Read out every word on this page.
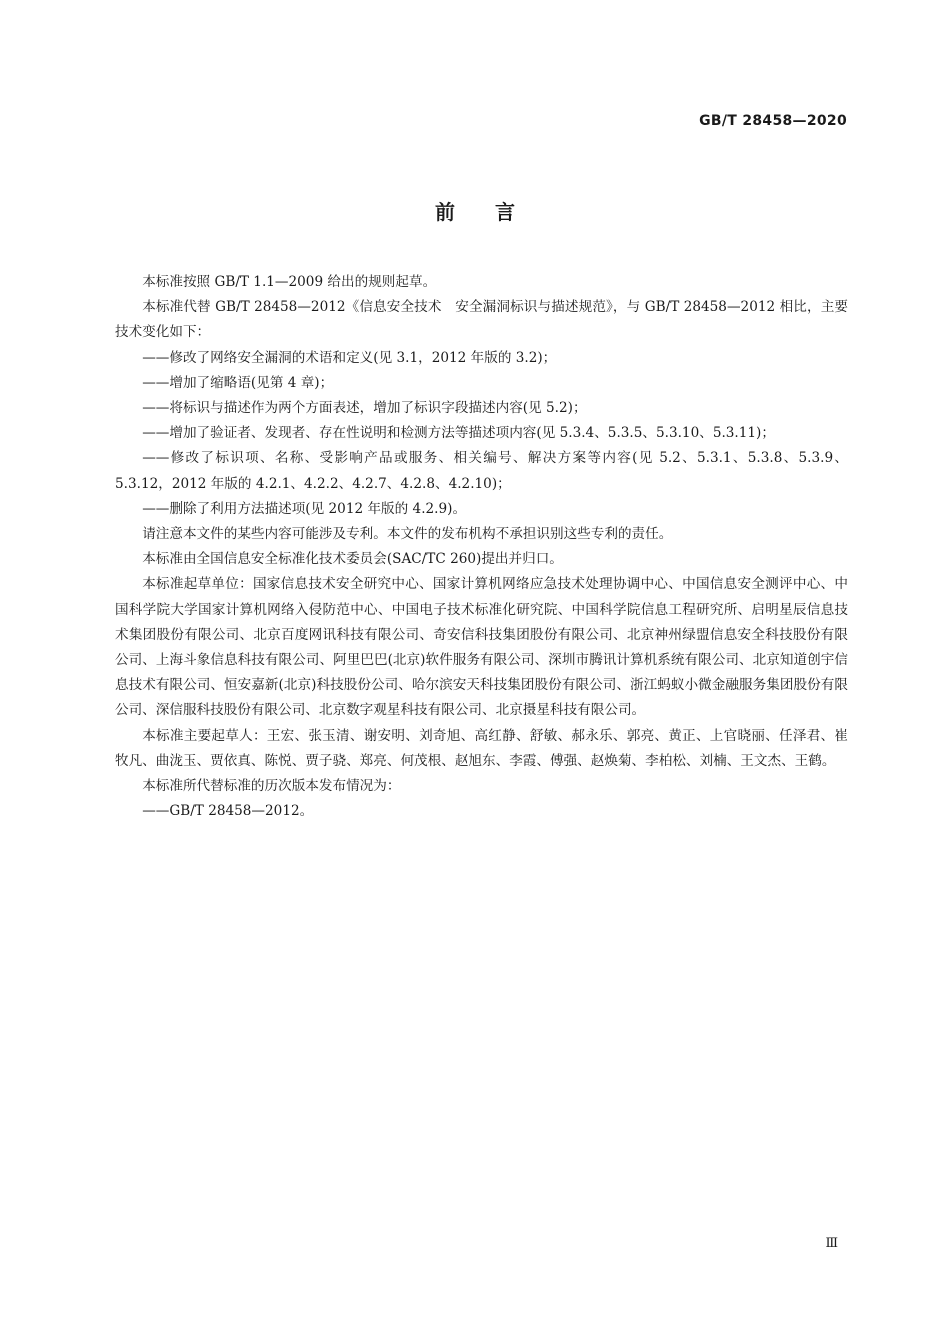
GB/T 28458—2020
前言

本标准按照 GB/T 1.1—2009 给出的规则起草。

本标准代替 GB/T 28458—2012《信息安全技术　安全漏洞标识与描述规范》，与 GB/T 28458—2012 相比，主要技术变化如下：

——修改了网络安全漏洞的术语和定义(见 3.1，2012 年版的 3.2)；

——增加了缩略语(见第 4 章)；

——将标识与描述作为两个方面表述，增加了标识字段描述内容(见 5.2)；

——增加了验证者、发现者、存在性说明和检测方法等描述项内容(见 5.3.4、5.3.5、5.3.10、5.3.11)；

——修改了标识项、名称、受影响产品或服务、相关编号、解决方案等内容(见 5.2、5.3.1、5.3.8、5.3.9、5.3.12，2012 年版的 4.2.1、4.2.2、4.2.7、4.2.8、4.2.10)；

——删除了利用方法描述项(见 2012 年版的 4.2.9)。

请注意本文件的某些内容可能涉及专利。本文件的发布机构不承担识别这些专利的责任。

本标准由全国信息安全标准化技术委员会(SAC/TC 260)提出并归口。

本标准起草单位：国家信息技术安全研究中心、国家计算机网络应急技术处理协调中心、中国信息安全测评中心、中国科学院大学国家计算机网络入侵防范中心、中国电子技术标准化研究院、中国科学院信息工程研究所、启明星辰信息技术集团股份有限公司、北京百度网讯科技有限公司、奇安信科技集团股份有限公司、北京神州绿盟信息安全科技股份有限公司、上海斗象信息科技有限公司、阿里巴巴(北京)软件服务有限公司、深圳市腾讯计算机系统有限公司、北京知道创宇信息技术有限公司、恒安嘉新(北京)科技股份公司、哈尔滨安天科技集团股份有限公司、浙江蚂蚁小微金融服务集团股份有限公司、深信服科技股份有限公司、北京数字观星科技有限公司、北京摄星科技有限公司。

本标准主要起草人：王宏、张玉清、谢安明、刘奇旭、高红静、舒敏、郝永乐、郭亮、黄正、上官晓丽、任泽君、崔牧凡、曲泷玉、贾依真、陈悦、贾子骁、郑亮、何茂根、赵旭东、李霞、傅强、赵焕菊、李柏松、刘楠、王文杰、王鹤。

本标准所代替标准的历次版本发布情况为：

——GB/T 28458—2012。

Ⅲ
